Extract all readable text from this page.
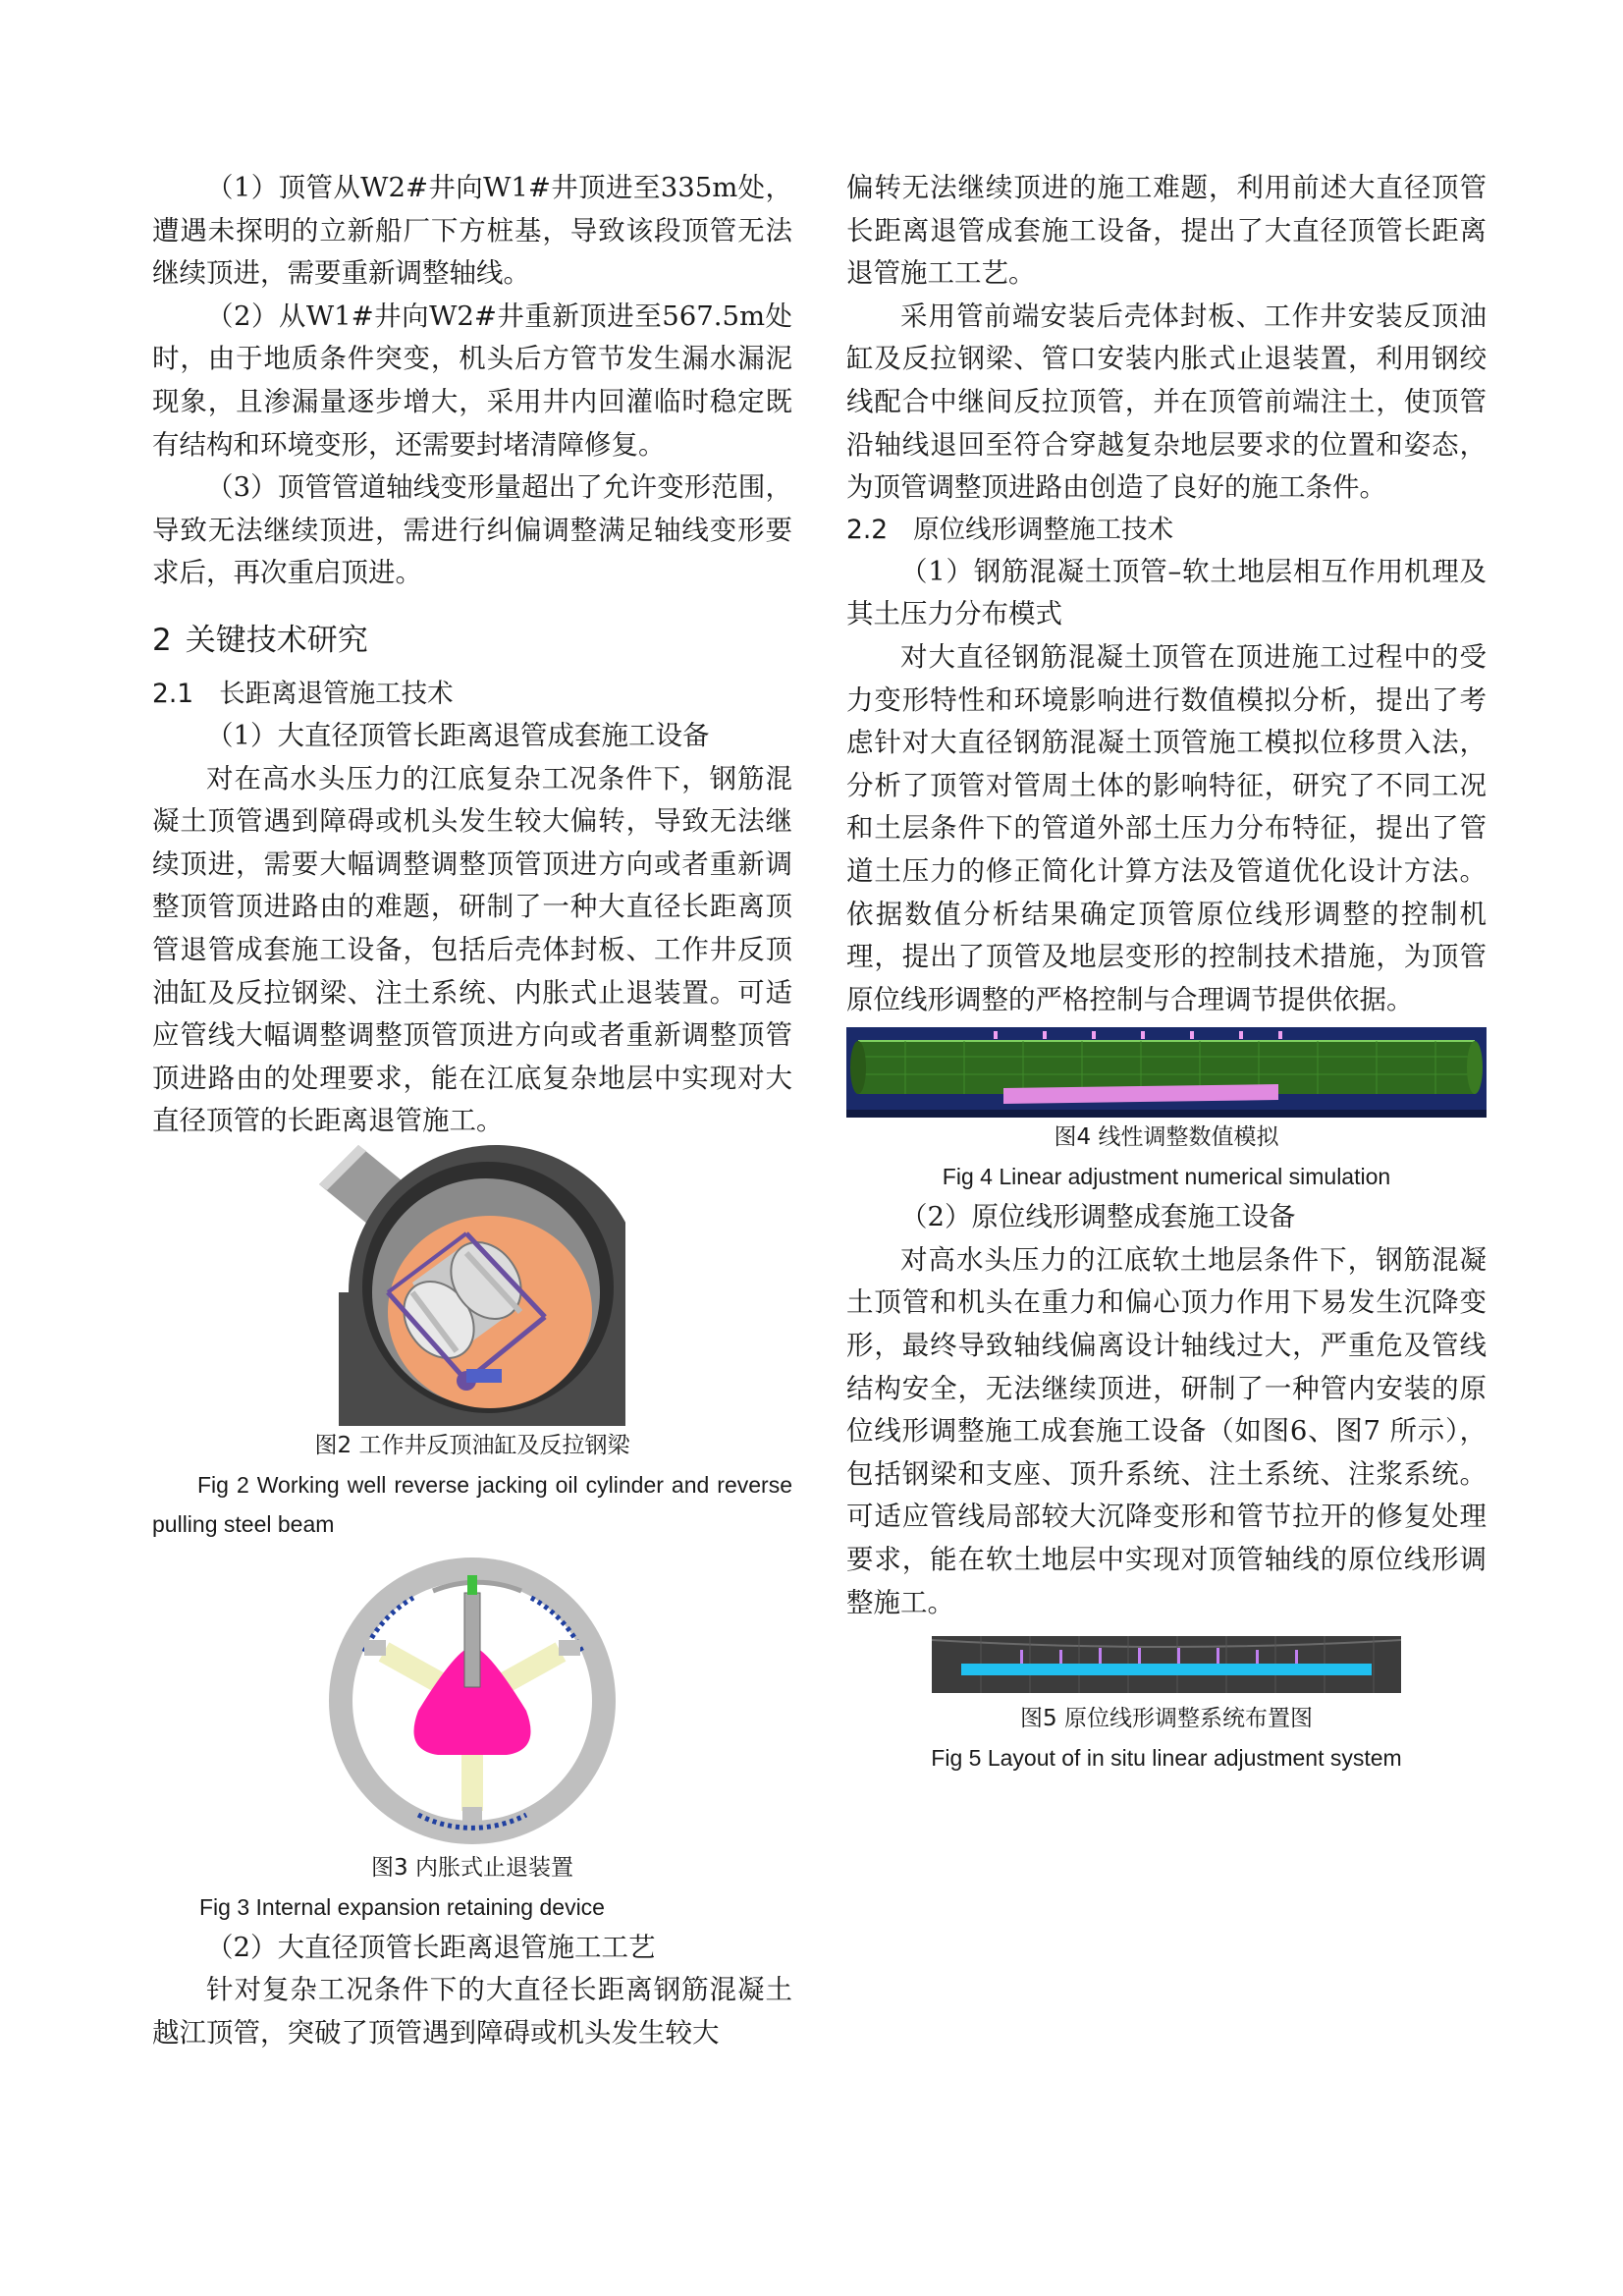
（1）顶管从W2#井向W1#井顶进至335m处，遭遇未探明的立新船厂下方桩基，导致该段顶管无法继续顶进，需要重新调整轴线。

（2）从W1#井向W2#井重新顶进至567.5m处时，由于地质条件突变，机头后方管节发生漏水漏泥现象，且渗漏量逐步增大，采用井内回灌临时稳定既有结构和环境变形，还需要封堵清障修复。

（3）顶管管道轴线变形量超出了允许变形范围，导致无法继续顶进，需进行纠偏调整满足轴线变形要求后，再次重启顶进。

2 关键技术研究
2.1 长距离退管施工技术

（1）大直径顶管长距离退管成套施工设备

对在高水头压力的江底复杂工况条件下，钢筋混凝土顶管遇到障碍或机头发生较大偏转，导致无法继续顶进，需要大幅调整调整顶管顶进方向或者重新调整顶管顶进路由的难题，研制了一种大直径长距离顶管退管成套施工设备，包括后壳体封板、工作井反顶油缸及反拉钢梁、注土系统、内胀式止退装置。可适应管线大幅调整调整顶管顶进方向或者重新调整顶管顶进路由的处理要求，能在江底复杂地层中实现对大直径顶管的长距离退管施工。

图2 工作井反顶油缸及反拉钢梁

Fig 2 Working well reverse jacking oil cylinder and reverse pulling steel beam

图3 内胀式止退装置

Fig 3 Internal expansion retaining device

（2）大直径顶管长距离退管施工工艺

针对复杂工况条件下的大直径长距离钢筋混凝土越江顶管，突破了顶管遇到障碍或机头发生较大

偏转无法继续顶进的施工难题，利用前述大直径顶管长距离退管成套施工设备，提出了大直径顶管长距离退管施工工艺。

采用管前端安装后壳体封板、工作井安装反顶油缸及反拉钢梁、管口安装内胀式止退装置，利用钢绞线配合中继间反拉顶管，并在顶管前端注土，使顶管沿轴线退回至符合穿越复杂地层要求的位置和姿态，为顶管调整顶进路由创造了良好的施工条件。

2.2 原位线形调整施工技术

（1）钢筋混凝土顶管–软土地层相互作用机理及其土压力分布模式

对大直径钢筋混凝土顶管在顶进施工过程中的受力变形特性和环境影响进行数值模拟分析，提出了考虑针对大直径钢筋混凝土顶管施工模拟位移贯入法，分析了顶管对管周土体的影响特征，研究了不同工况和土层条件下的管道外部土压力分布特征，提出了管道土压力的修正简化计算方法及管道优化设计方法。依据数值分析结果确定顶管原位线形调整的控制机理，提出了顶管及地层变形的控制技术措施，为顶管原位线形调整的严格控制与合理调节提供依据。

图4 线性调整数值模拟

Fig 4 Linear adjustment numerical simulation

（2）原位线形调整成套施工设备

对高水头压力的江底软土地层条件下，钢筋混凝土顶管和机头在重力和偏心顶力作用下易发生沉降变形，最终导致轴线偏离设计轴线过大，严重危及管线结构安全，无法继续顶进，研制了一种管内安装的原位线形调整施工成套施工设备（如图6、图7 所示），包括钢梁和支座、顶升系统、注土系统、注浆系统。可适应管线局部较大沉降变形和管节拉开的修复处理要求，能在软土地层中实现对顶管轴线的原位线形调整施工。

图5 原位线形调整系统布置图

Fig 5 Layout of in situ linear adjustment system
